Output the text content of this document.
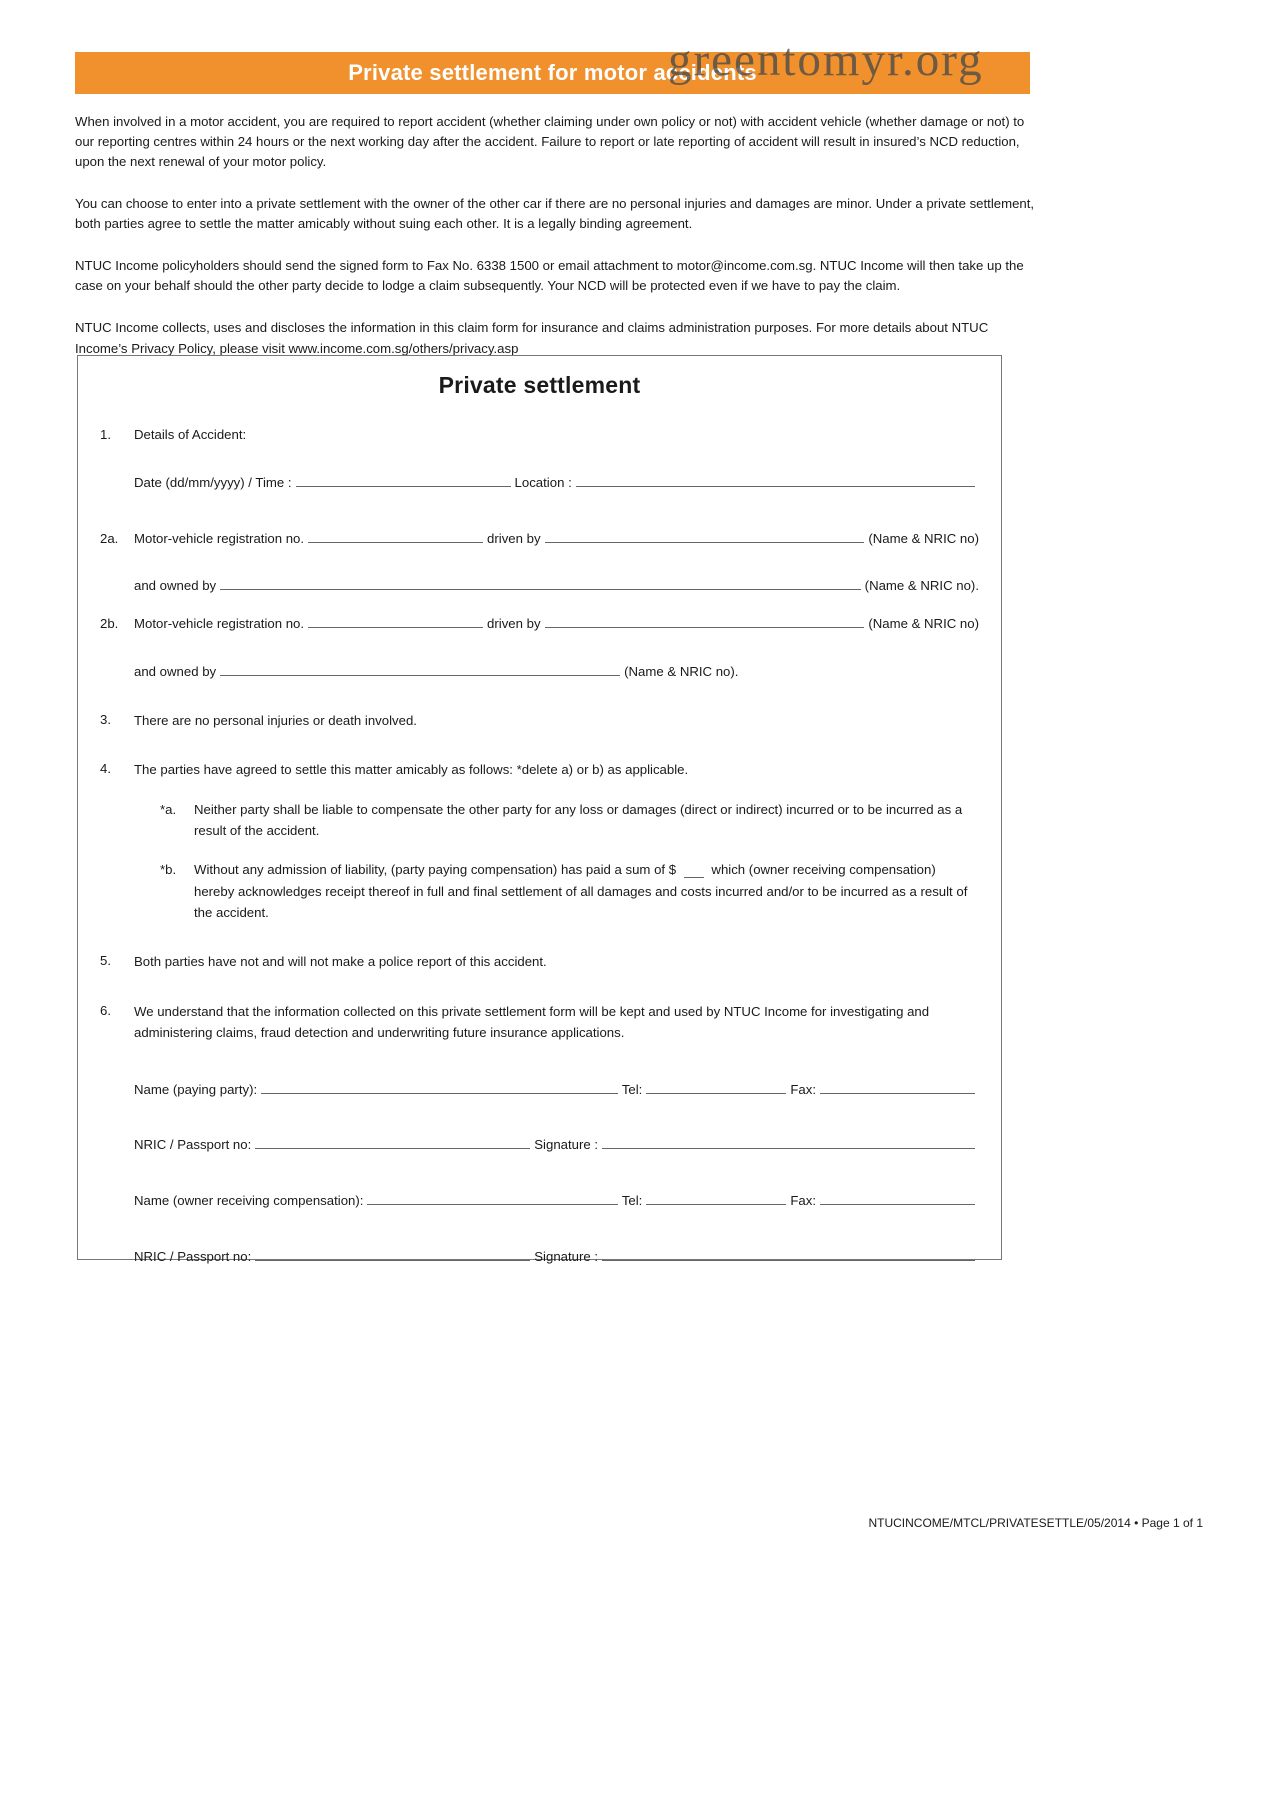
Private settlement for motor accidents
greentomyr.org

When involved in a motor accident, you are required to report accident (whether claiming under own policy or not) with accident vehicle (whether damage or not) to our reporting centres within 24 hours or the next working day after the accident. Failure to report or late reporting of accident will result in insured’s NCD reduction, upon the next renewal of your motor policy.

You can choose to enter into a private settlement with the owner of the other car if there are no personal injuries and damages are minor. Under a private settlement, both parties agree to settle the matter amicably without suing each other. It is a legally binding agreement.

NTUC Income policyholders should send the signed form to Fax No. 6338 1500 or email attachment to motor@income.com.sg. NTUC Income will then take up the case on your behalf should the other party decide to lodge a claim subsequently. Your NCD will be protected even if we have to pay the claim.

NTUC Income collects, uses and discloses the information in this claim form for insurance and claims administration purposes. For more details about NTUC Income’s Privacy Policy, please visit www.income.com.sg/others/privacy.asp

Private settlement
1.	Details of Accident:
Date (dd/mm/yyyy) / Time :	Location :
2a.	Motor-vehicle registration no.	driven by	(Name & NRIC no)
and owned by	(Name & NRIC no).
2b.	Motor-vehicle registration no.	driven by	(Name & NRIC no)
and owned by	(Name & NRIC no).
3.	There are no personal injuries or death involved.
4.	The parties have agreed to settle this matter amicably as follows: *delete a) or b) as applicable.
*a.	Neither party shall be liable to compensate the other party for any loss or damages (direct or indirect) incurred or to be incurred as a result of the accident.
*b.	Without any admission of liability, (party paying compensation) has paid a sum of $	which (owner receiving compensation) hereby acknowledges receipt thereof in full and final settlement of all damages and costs incurred and/or to be incurred as a result of the accident.
5.	Both parties have not and will not make a police report of this accident.
6.	We understand that the information collected on this private settlement form will be kept and used by NTUC Income for investigating and administering claims, fraud detection and underwriting future insurance applications.
Name (paying party):	Tel:	Fax:
NRIC / Passport no:	Signature :
Name (owner receiving compensation):	Tel:	Fax:
NRIC / Passport no:	Signature :
NTUCINCOME/MTCL/PRIVATESETTLE/05/2014 • Page 1 of 1
